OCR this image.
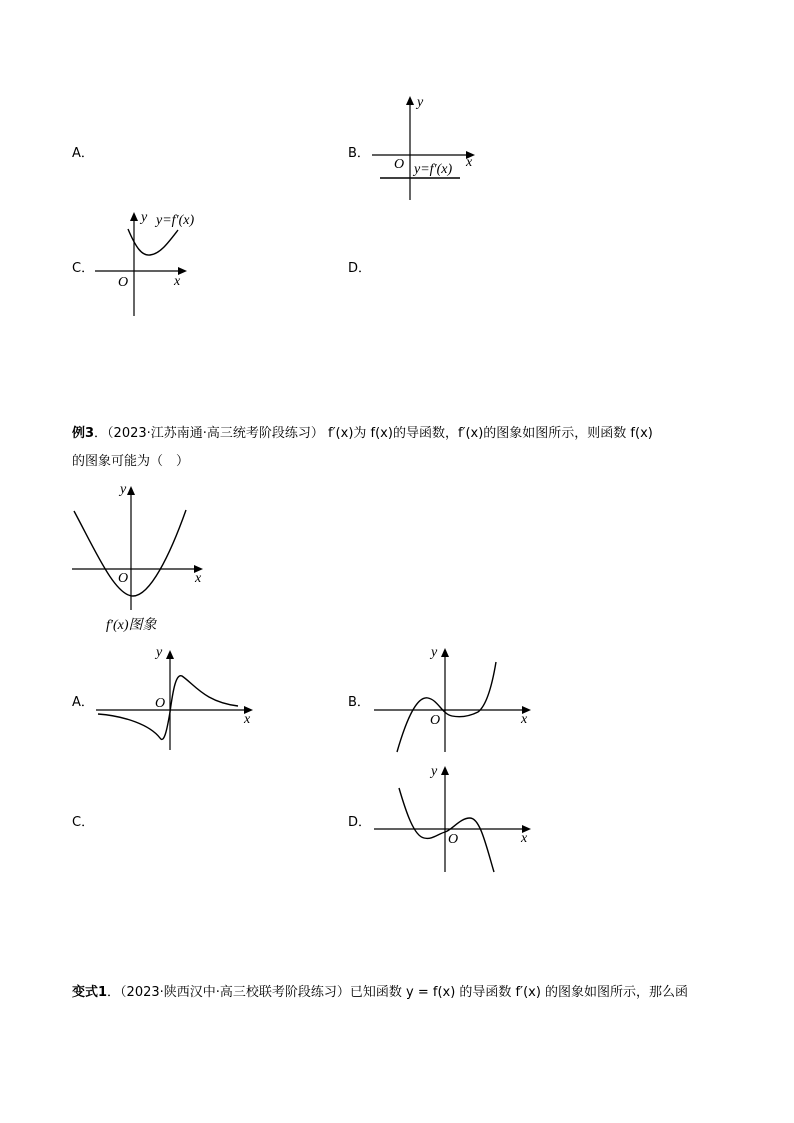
A．	B．
C．	D．
y
x
O y=f′(x)
y
x
O
y=f′(x)
例3．（2023·江苏南通·高三统考阶段练习） f′(x)为 f(x)的导函数，f′(x)的图象如图所示，则函数 f(x)
的图象可能为（　）
y
x
O
f′(x)图象
A．	B．
C．	D．
y
x
O
y
x
O
y
x
O
变式1．（2023·陕西汉中·高三校联考阶段练习）已知函数 y = f(x) 的导函数 f′(x) 的图象如图所示，那么函
